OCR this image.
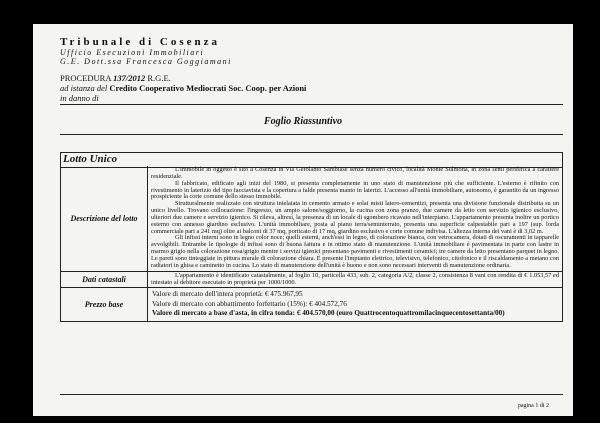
Tribunale di Cosenza
Ufficio Esecuzioni Immobiliari
G.E. Dott.ssa Francesca Goggiamani
PROCEDURA 137/2012 R.G.E.
ad istanza del Credito Cooperativo Mediocrati Soc. Coop. per Azioni
in danno di
Foglio Riassuntivo
Lotto Unico
Descrizione del lotto

L'immobile in oggetto è sito a Cosenza in Via Gerolamo Sambiase senza numero civico, località Monte Sulmona, in zona semi periferica a carattere residenziale.

Il fabbricato, edificato agli inizi del 1980, si presenta completamente in uno stato di manutenzione più che sufficiente. L'esterno è rifinito con rivestimento in laterizio del tipo facciavista e la copertura a falde presenta manto in laterizi. L'accesso all'unità immobiliare, autonomo, è garantito da un ingresso prospiciente la corte comune dello stesso immobile.

Strutturalmente realizzato con struttura intelaiata in cemento armato e solai misti latero-cementizi, presenta una divisione funzionale distribuita su un unico livello. Trovano collocazione: l'ingresso, un ampio salone/soggiorno, la cucina con zona pranzo, due camere da letto con servizio igienico esclusivo, ulteriori due camere e servizio igienico. Si rileva, altresì, la presenza di un locale di sgombero ricavato nell'interpiano. L'appartamento presenta inoltre un portico esterno con annesso giardino esclusivo. L'unità immobiliare, posta al piano terra/seminterrato, presenta una superficie calpestabile pari a 197 (sup. lorda commerciale pari a 241 mq) oltre ai balconi di 37 mq, porticato di 17 mq, giardino esclusivo e corte comune indivisa. L'altezza interna dei vani è di 3,02 m.

Gli infissi interni sono in legno color noce; quelli esterni, anch'essi in legno, di colorazione bianca, con vetrocamera, dotati di oscuramenti in tapparelle avvolgibili. Entrambe le tipologie di infissi sono di buona fattura e in ottimo stato di manutenzione. L'unità immobiliare è pavimentata in parte con lastre in marmo grigio nella colorazione rosa/grigio mentre i servizi igienici presentano pavimenti e rivestimenti ceramici; tre camere da letto presentano parquet in legno. Le pareti sono tinteggiate in pittura murale di colorazione chiara. È presente l'impianto elettrico, televisivo, telefonico, citofonico e il riscaldamento a metano con radiatori in ghisa e caminetto in cucina. Lo stato di manutenzione dell'unità è buono e non sono necessari interventi di manutenzione ordinaria.

Dati catastali	L'appartamento è identificato catastalmente, al foglio 10, particella 433, sub. 2, categoria A/2, classe 2, consistenza 8 vani con rendita di € 1.053,57 ed intestato al debitore esecutato in proprietà per 1000/1000.

Prezzo base
Valore di mercato dell'intera proprietà: € 475.967,95
Valore di mercato con abbattimento forfettario (15%): € 404.572,76
Valore di mercato a base d'asta, in cifra tonda: € 404.570,00 (euro Quattrocentoquattromilacinquecentosettanta/00)
pagina 1 di 2
